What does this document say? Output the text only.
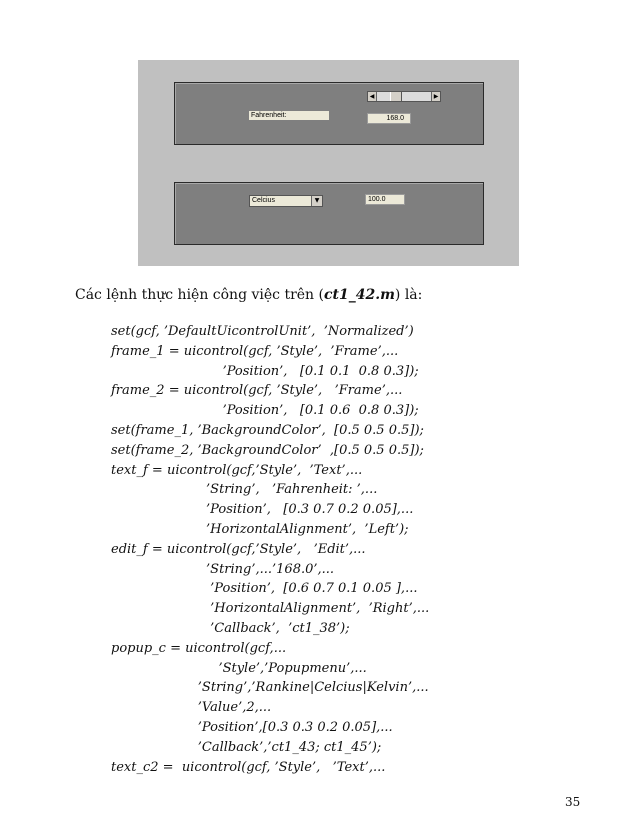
◀	▶
Fahrenheit:	168.0
Celcius	▼	100.0
Các lệnh thực hiện công việc trên (ct1_42.m) là:
set(gcf, ’DefaultUicontrolUnit’,  ’Normalized’)
frame_1 = uicontrol(gcf, ’Style’,  ’Frame’,...
’Position’,   [0.1 0.1  0.8 0.3]);
frame_2 = uicontrol(gcf, ’Style’,   ’Frame’,...
’Position’,   [0.1 0.6  0.8 0.3]);
set(frame_1, ’BackgroundColor’,  [0.5 0.5 0.5]);
set(frame_2, ’BackgroundColor’  ,[0.5 0.5 0.5]);
text_f = uicontrol(gcf,’Style’,  ’Text’,...
’String’,   ’Fahrenheit: ’,...
’Position’,   [0.3 0.7 0.2 0.05],...
’HorizontalAlignment’,  ’Left’);
edit_f = uicontrol(gcf,’Style’,   ’Edit’,...
’String’,...’168.0’,...
’Position’,  [0.6 0.7 0.1 0.05 ],...
’HorizontalAlignment’,  ’Right’,...
’Callback’,  ’ct1_38’);
popup_c = uicontrol(gcf,...
’Style’,’Popupmenu’,...
’String’,’Rankine|Celcius|Kelvin’,...
’Value’,2,...
’Position’,[0.3 0.3 0.2 0.05],...
’Callback’,’ct1_43; ct1_45’);
text_c2 =  uicontrol(gcf, ’Style’,   ’Text’,...
35
